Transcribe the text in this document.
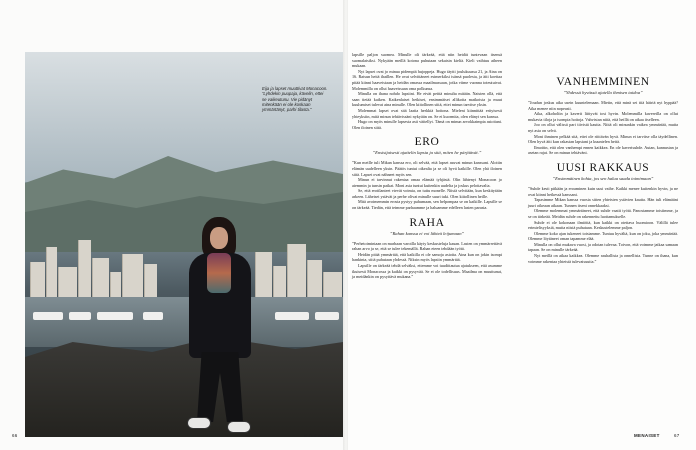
Eija ja lapset muuttivat Monacoon. ”Lyhdekin puupaja, kävelin, ettei se vaikeutunu. Vie pidänyt mitenkään ei ole koskaan ymmärtänyt, parhi tilasta.”
66	is.fi/menaiset

lapsille paljon suomea. Minulle oli tärkeää, että niin heidät tuntevaan itsensä suomalaisiksi. Nykyään meillä kotona puhutaan sekaisin kieliä. Kieli vaihtuu aiheen mukaan.

Nyt lapset ovat jo minua pidempiä hujoppeja. Hugo täytti joulukuussa 21, ja Aina on 16. Ratsun heitä ihaillen. He ovat selvittäneet esimerkiksi isänsä puolesta, ja äiti koettaa pitää kiinni haaveistaan ja heidän omassa maailmassaan, jotka viime vuonna toteutuivat. Molemmilla on ollut haaveissaan oma polkunsa.

Minulla on ihana nohdo lapsiini. He eivät peittä minulta mitään. Naisten ollä, että saan tietää kaiken. Kaikenlaiset hetkiset, ensimmäiset allikoita matkoista ja muut kuulumiset tulevat aina minulle. Olen kiitollinen siitä, ettei minun tarvitse yksin.

Molemmat lapset ovat sitä laatia herkkiä hoitona. Mieleni kiinnittää erityisesti yhteyksiin, mitä minun tehtävissäni nykyään on. Se ei kuormita, olen elänyt sen kanssa.

Hugo on myös minulle lapsesta asti väitellyt. Tämä on minun arvokkaimpia asioitani. Olen iloinen siitä.

ERO
”Ensisijaisesti ajattelin lapsia ja sitä, miten he pärjäävät.”

”Kun meille tuli Mikan kanssa ero, oli selvää, että lapset asuvat minun kanssani. Aloitin elämän uudelleen yksin. Päätös tuntui oikealta ja se oli hyvä kaikille. Olen yhä iloinen siitä. Lapset ovat nähneet myös sen.

Minun ei tarvinnut rakentaa omaa elämää tyhjästä. Olin lähtenyt Monacoon jo aiemmin ja tunsin paikat. Moni asia tuntui kuitenkin uudelta ja joskus pelottavalta.

Se, että erotilanteet vievät voimia, on tuttu monelle. Niistä selvitään, kun keskitytään arkeen. Läheiset ystävät ja perhe olivat minulle suuri tuki. Olen kiitollinen heille.

Mitä avoimemmin erosta pystyy puhumaan, sen helpompaa se on kaikille. Lapsille se on tärkeää. Tiedän, että teimme parhaamme ja haluamme edelleen lasten parasta.

RAHA
”Rahan kanssa ei voi lähteä leijumaan”

”Perhetoimintaan on marhaan varoilla käyty keskusteluja kauan. Lasten on ymmärrettävä rahan arvo ja se, että se tulee tekemällä. Rahan eteen tehdään työtä.

Heidän pitää ymmärtää, että kaikilla ei ole samoja asioita. Aina kun on jokin isompi hankinta, siitä puhutaan yhdessä. Niksin myös lapsiin ymmärtää.

Lapsille on tärkeää tehdä selväksi, ettemme voi tuudittautua ajatukseen, että asumme ikuisesti Monacossa ja kaikki on pysyvää. Se ei ole todellisuus. Maailma on muuttunut, ja meidänkin on pysyttävä mukana.”

VANHEMMINEN
”Yhdessä hyvässä ajatella ihmisen taidoa”

”Joudun joskus aika usein kuuntelemaan. Mietin, että minä sei tiiä häiriä nyt hyppää? Aika menee niin nopeasti.

Aika, alkoholiin ja kaverit liittyvät tosi hyvin. Molemmilla kavereilla on ollut mukavia tiloja ja isompia hoitoja. Vahvistan niitä, että heillä on aikaa itselleen.

Joo on ollut välissä pari tiivistä kautta. Niitä oli minunkin vaikea ymmärtää, mutta nyt asia on selvä.

Moni ihminen pelkää sitä, ettei ole riittävän hyvä. Minun ei tarvitse olla täydellinen. Olen hyvä äiti kun rakastan lapsiani ja kuuntelen heitä.

Ilmoitin, että olen vanhempi ennen kaikkea. En ole kaverisuhde. Autan, kannustan ja asetan rajat. Se on minun tehtäväni.

UUSI RAKKAUS
”Ensimmäinen kohta, jos sen halua saada toimimaan”

”Suhde kesti pitkään ja eroaminen kuin uusi vaihe. Kaikki menee kuitenkin hyvin, ja ne ovat kiinni hetkessä kanssani.

Tapasimme Mikan kanssa vuosia sitten yhteisten ystävien kautta. Hän tuli elämääni juuri oikeaan aikaan. Tunnen itseni onnekkaaksi.

Olemme molemmat ymmärtäneet, että suhde vaatii työtä. Panostamme toisiimme, ja se on tärkeää. Meidän suhde on rakennettu luottamukselle.

Suhde ei ole kokonaan ilmiöitä, kun kaikki on otettava huomioon. Välillä tulee erimielisyyksiä, mutta niistä puhutaan. Keskustelemme paljon.

Olemme koko ajan tukeneet toisiamme. Tuntuu hyvältä, kun on joku, joka ymmärtää. Olemme löytäneet oman tapamme elää.

Minulla on ollut mukava vuosi, ja odotan tulevaa. Toivon, että voimme jatkaa samaan tapaan. Se on minulle tärkeää.

Nyt meillä on aikaa kaikkea. Olemme rauhallisia ja onnellisia. Tunne on ihana, kun voimme rakentaa yhteistä tulevaisuutta.”

MENAISET	67
